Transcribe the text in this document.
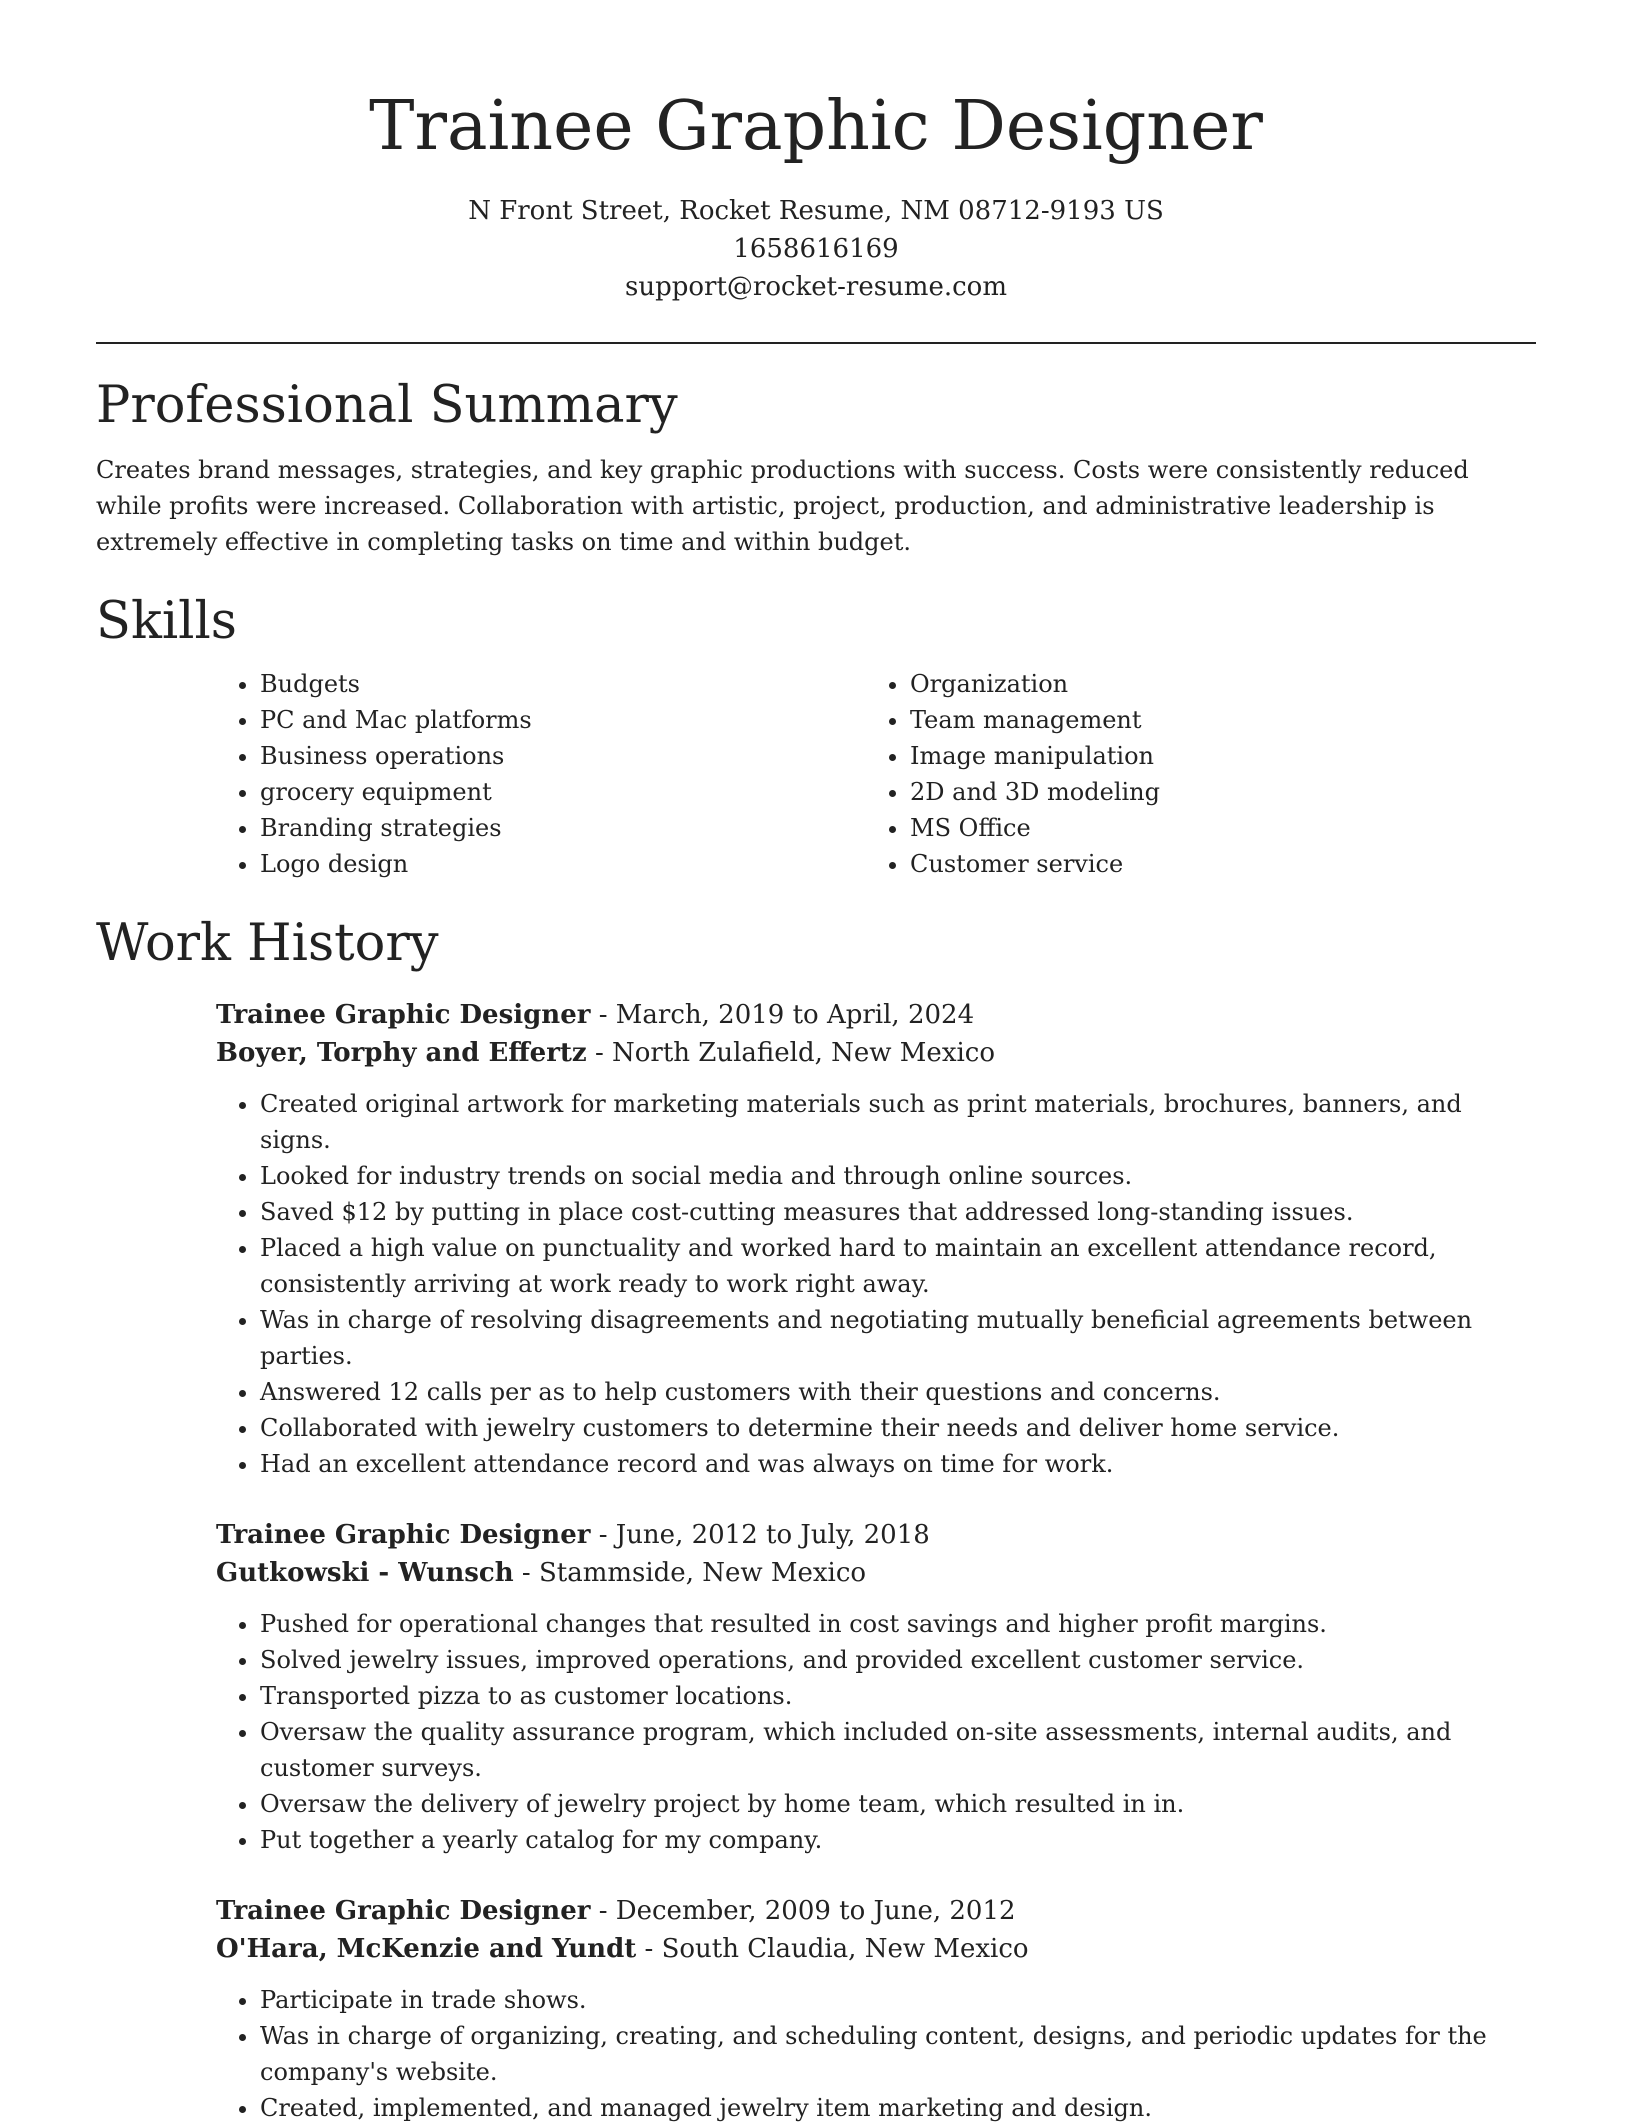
Trainee Graphic Designer
N Front Street, Rocket Resume, NM 08712-9193 US
1658616169
support@rocket-resume.com
Professional Summary

Creates brand messages, strategies, and key graphic productions with success. Costs were consistently reduced while profits were increased. Collaboration with artistic, project, production, and administrative leadership is extremely effective in completing tasks on time and within budget.

Skills
• Budgets
• PC and Mac platforms
• Business operations
• grocery equipment
• Branding strategies
• Logo design
• Organization
• Team management
• Image manipulation
• 2D and 3D modeling
• MS Office
• Customer service
Work History
Trainee Graphic Designer - March, 2019 to April, 2024
Boyer, Torphy and Effertz - North Zulafield, New Mexico
• Created original artwork for marketing materials such as print materials, brochures, banners, and signs.
• Looked for industry trends on social media and through online sources.
• Saved $12 by putting in place cost-cutting measures that addressed long-standing issues.
• Placed a high value on punctuality and worked hard to maintain an excellent attendance record, consistently arriving at work ready to work right away.
• Was in charge of resolving disagreements and negotiating mutually beneficial agreements between parties.
• Answered 12 calls per as to help customers with their questions and concerns.
• Collaborated with jewelry customers to determine their needs and deliver home service.
• Had an excellent attendance record and was always on time for work.
Trainee Graphic Designer - June, 2012 to July, 2018
Gutkowski - Wunsch - Stammside, New Mexico
• Pushed for operational changes that resulted in cost savings and higher profit margins.
• Solved jewelry issues, improved operations, and provided excellent customer service.
• Transported pizza to as customer locations.
• Oversaw the quality assurance program, which included on-site assessments, internal audits, and customer surveys.
• Oversaw the delivery of jewelry project by home team, which resulted in in.
• Put together a yearly catalog for my company.
Trainee Graphic Designer - December, 2009 to June, 2012
O'Hara, McKenzie and Yundt - South Claudia, New Mexico
• Participate in trade shows.
• Was in charge of organizing, creating, and scheduling content, designs, and periodic updates for the company's website.
• Created, implemented, and managed jewelry item marketing and design.
